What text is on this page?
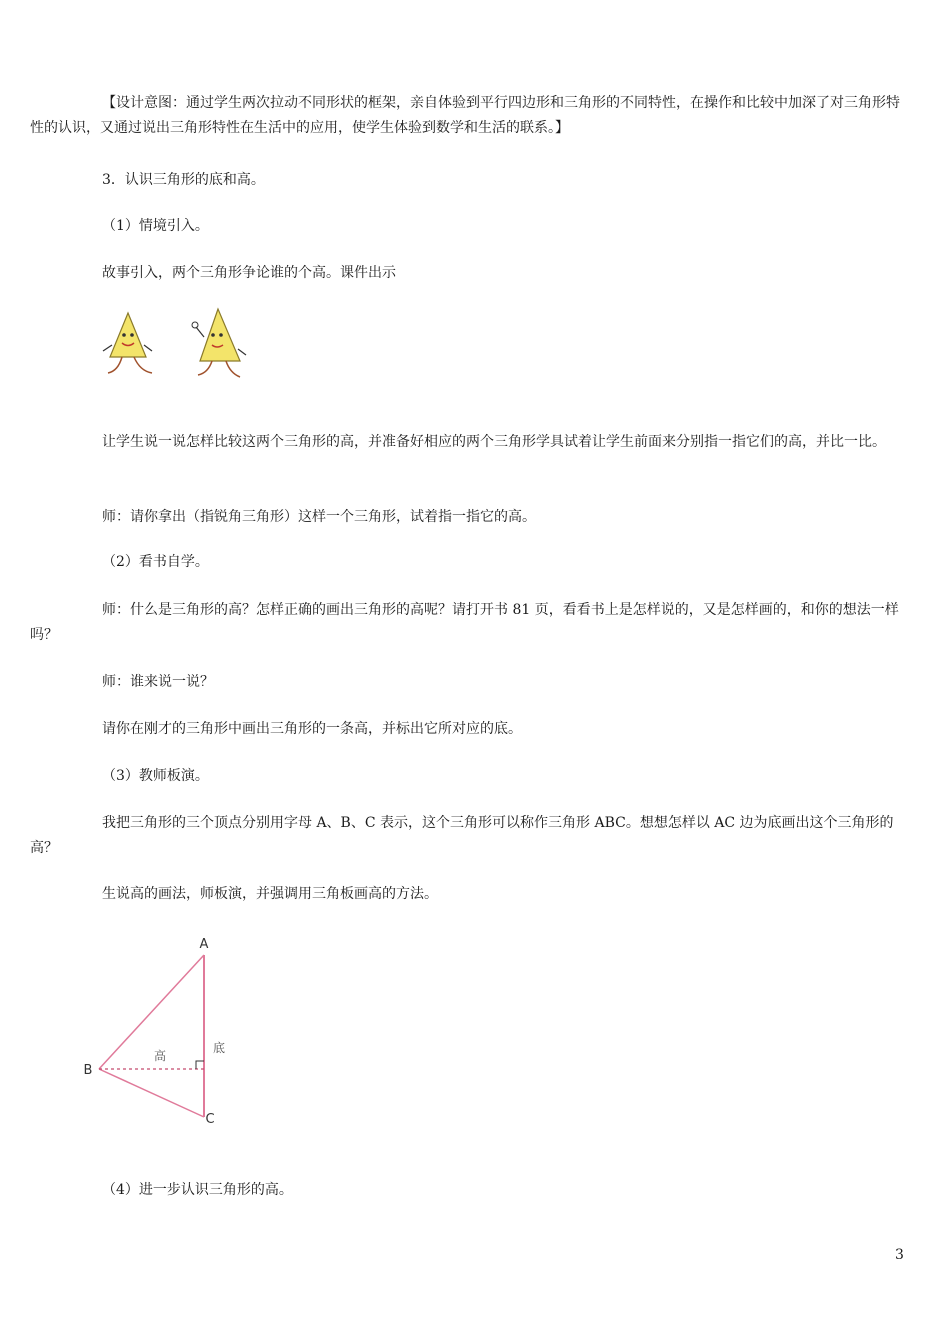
【设计意图：通过学生两次拉动不同形状的框架，亲自体验到平行四边形和三角形的不同特性，在操作和比较中加深了对三角形特性的认识，又通过说出三角形特性在生活中的应用，使学生体验到数学和生活的联系。】

3．认识三角形的底和高。

（1）情境引入。

故事引入，两个三角形争论谁的个高。课件出示

让学生说一说怎样比较这两个三角形的高，并准备好相应的两个三角形学具试着让学生前面来分别指一指它们的高，并比一比。

师：请你拿出（指锐角三角形）这样一个三角形，试着指一指它的高。

（2）看书自学。

师：什么是三角形的高？怎样正确的画出三角形的高呢？请打开书 81 页，看看书上是怎样说的，又是怎样画的，和你的想法一样吗？

师：谁来说一说？

请你在刚才的三角形中画出三角形的一条高，并标出它所对应的底。

（3）教师板演。

我把三角形的三个顶点分别用字母 A、B、C 表示，这个三角形可以称作三角形 ABC。想想怎样以 AC 边为底画出这个三角形的高？

生说高的画法，师板演，并强调用三角板画高的方法。

A
B
C
高
底

（4）进一步认识三角形的高。

3
